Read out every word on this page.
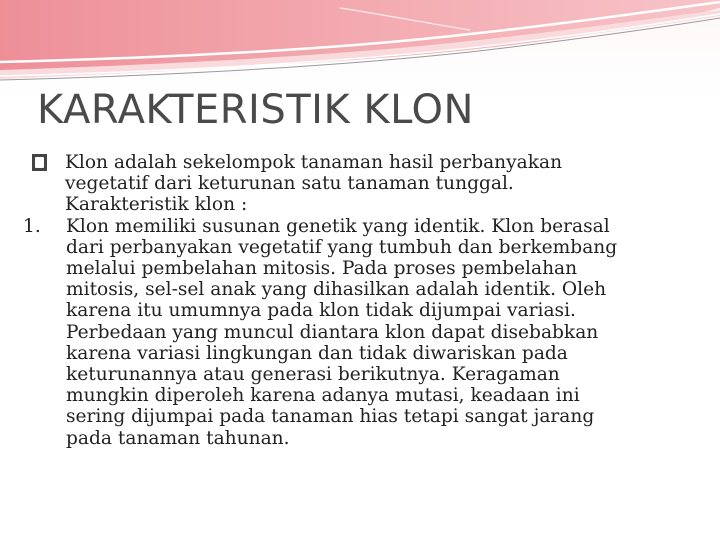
KARAKTERISTIK KLON
Klon adalah sekelompok tanaman hasil perbanyakan
vegetatif dari keturunan satu tanaman tunggal.
Karakteristik klon :
1. Klon memiliki susunan genetik yang identik. Klon berasal
dari perbanyakan vegetatif yang tumbuh dan berkembang
melalui pembelahan mitosis. Pada proses pembelahan
mitosis, sel-sel anak yang dihasilkan adalah identik. Oleh
karena itu umumnya pada klon tidak dijumpai variasi.
Perbedaan yang muncul diantara klon dapat disebabkan
karena variasi lingkungan dan tidak diwariskan pada
keturunannya atau generasi berikutnya. Keragaman
mungkin diperoleh karena adanya mutasi, keadaan ini
sering dijumpai pada tanaman hias tetapi sangat jarang
pada tanaman tahunan.
